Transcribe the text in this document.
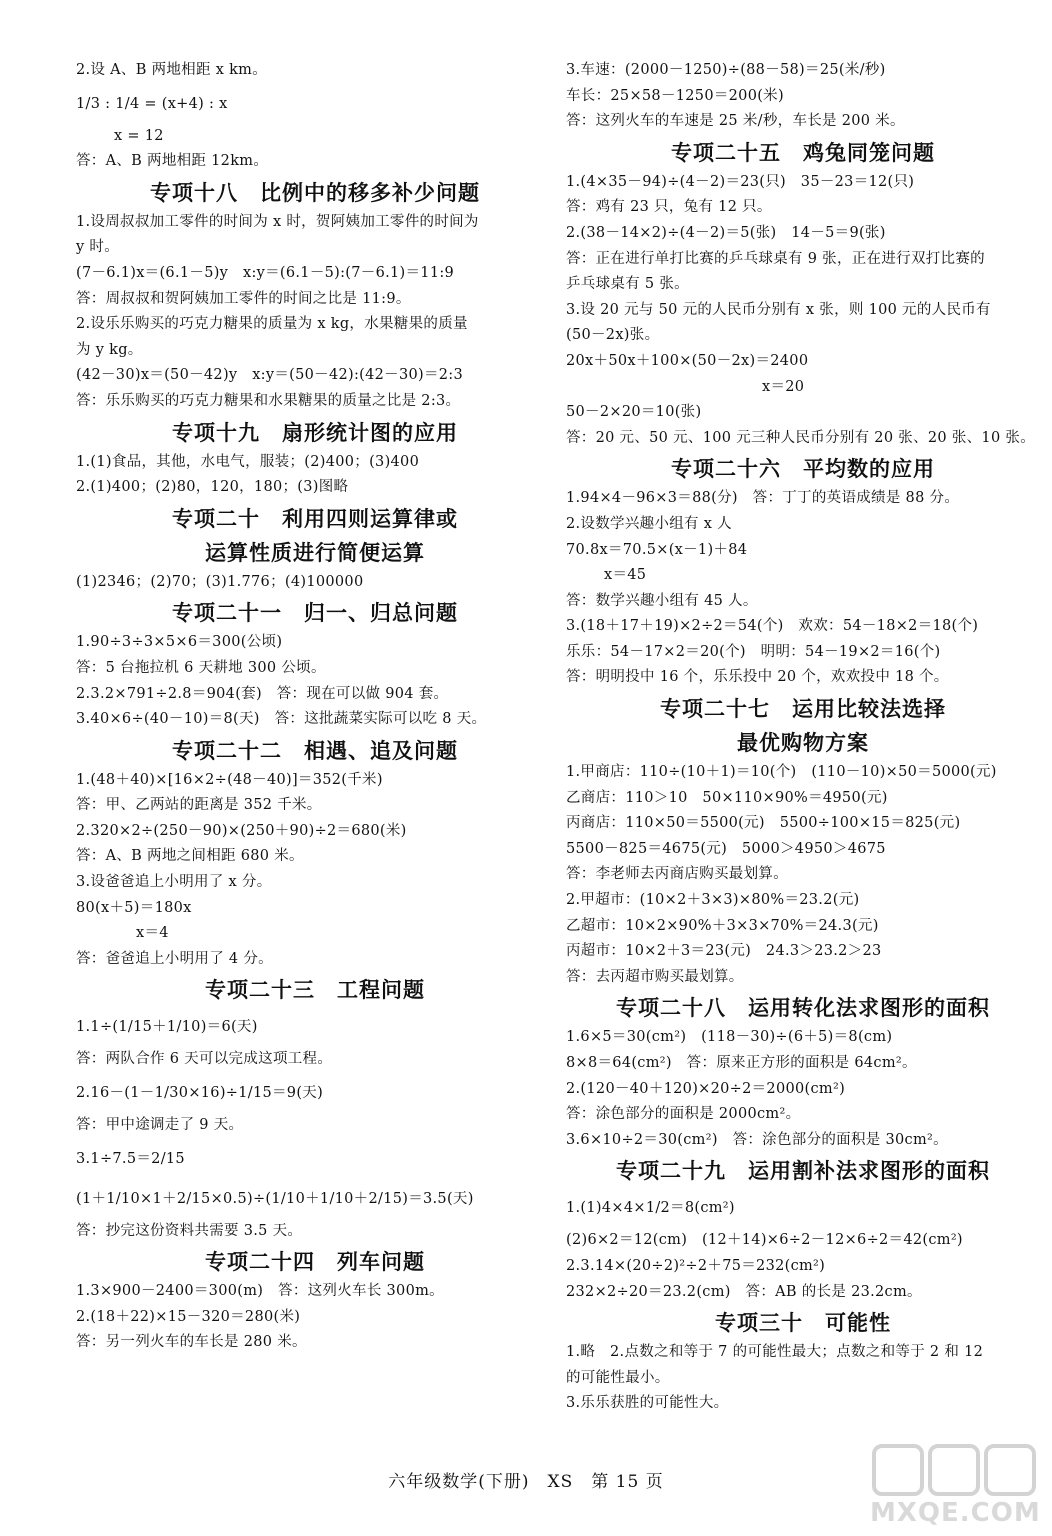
2.设 A、B 两地相距 x km。
1/3 : 1/4 = (x+4) : x
x = 12
答：A、B 两地相距 12km。
专项十八　比例中的移多补少问题
1.设周叔叔加工零件的时间为 x 时，贺阿姨加工零件的时间为
y 时。
(7－6.1)x＝(6.1－5)y　x:y＝(6.1－5):(7－6.1)＝11:9
答：周叔叔和贺阿姨加工零件的时间之比是 11:9。
2.设乐乐购买的巧克力糖果的质量为 x kg，水果糖果的质量
为 y kg。
(42－30)x＝(50－42)y　x:y＝(50－42):(42－30)＝2:3
答：乐乐购买的巧克力糖果和水果糖果的质量之比是 2:3。
专项十九　扇形统计图的应用
1.(1)食品，其他，水电气，服装；(2)400；(3)400
2.(1)400；(2)80，120，180；(3)图略
专项二十　利用四则运算律或
运算性质进行简便运算
(1)2346；(2)70；(3)1.776；(4)100000
专项二十一　归一、归总问题
1.90÷3÷3×5×6＝300(公顷)
答：5 台拖拉机 6 天耕地 300 公顷。
2.3.2×791÷2.8＝904(套)　答：现在可以做 904 套。
3.40×6÷(40－10)＝8(天)　答：这批蔬菜实际可以吃 8 天。
专项二十二　相遇、追及问题
1.(48＋40)×[16×2÷(48－40)]＝352(千米)
答：甲、乙两站的距离是 352 千米。
2.320×2÷(250－90)×(250＋90)÷2＝680(米)
答：A、B 两地之间相距 680 米。
3.设爸爸追上小明用了 x 分。
80(x＋5)＝180x
x＝4
答：爸爸追上小明用了 4 分。
专项二十三　工程问题
1.1÷(1/15＋1/10)＝6(天)
答：两队合作 6 天可以完成这项工程。
2.16－(1－1/30×16)÷1/15＝9(天)
答：甲中途调走了 9 天。
3.1÷7.5＝2/15
(1＋1/10×1＋2/15×0.5)÷(1/10＋1/10＋2/15)＝3.5(天)
答：抄完这份资料共需要 3.5 天。
专项二十四　列车问题
1.3×900－2400＝300(m)　答：这列火车长 300m。
2.(18＋22)×15－320＝280(米)
答：另一列火车的车长是 280 米。
3.车速：(2000－1250)÷(88－58)＝25(米/秒)
车长：25×58－1250＝200(米)
答：这列火车的车速是 25 米/秒，车长是 200 米。
专项二十五　鸡兔同笼问题
1.(4×35－94)÷(4－2)＝23(只)　35－23＝12(只)
答：鸡有 23 只，兔有 12 只。
2.(38－14×2)÷(4－2)＝5(张)　14－5＝9(张)
答：正在进行单打比赛的乒乓球桌有 9 张，正在进行双打比赛的
乒乓球桌有 5 张。
3.设 20 元与 50 元的人民币分别有 x 张，则 100 元的人民币有
(50－2x)张。
20x＋50x＋100×(50－2x)＝2400
x＝20
50－2×20＝10(张)
答：20 元、50 元、100 元三种人民币分别有 20 张、20 张、10 张。
专项二十六　平均数的应用
1.94×4－96×3＝88(分)　答：丁丁的英语成绩是 88 分。
2.设数学兴趣小组有 x 人
70.8x＝70.5×(x－1)＋84
x＝45
答：数学兴趣小组有 45 人。
3.(18＋17＋19)×2÷2＝54(个)　欢欢：54－18×2＝18(个)
乐乐：54－17×2＝20(个)　明明：54－19×2＝16(个)
答：明明投中 16 个，乐乐投中 20 个，欢欢投中 18 个。
专项二十七　运用比较法选择
最优购物方案
1.甲商店：110÷(10＋1)＝10(个)　(110－10)×50＝5000(元)
乙商店：110＞10　50×110×90%＝4950(元)
丙商店：110×50＝5500(元)　5500÷100×15＝825(元)
5500－825＝4675(元)　5000＞4950＞4675
答：李老师去丙商店购买最划算。
2.甲超市：(10×2＋3×3)×80%＝23.2(元)
乙超市：10×2×90%＋3×3×70%＝24.3(元)
丙超市：10×2＋3＝23(元)　24.3＞23.2＞23
答：去丙超市购买最划算。
专项二十八　运用转化法求图形的面积
1.6×5＝30(cm²)　(118－30)÷(6＋5)＝8(cm)
8×8＝64(cm²)　答：原来正方形的面积是 64cm²。
2.(120－40＋120)×20÷2＝2000(cm²)
答：涂色部分的面积是 2000cm²。
3.6×10÷2＝30(cm²)　答：涂色部分的面积是 30cm²。
专项二十九　运用割补法求图形的面积
1.(1)4×4×1/2＝8(cm²)
(2)6×2＝12(cm)　(12＋14)×6÷2－12×6÷2＝42(cm²)
2.3.14×(20÷2)²÷2＋75＝232(cm²)
232×2÷20＝23.2(cm)　答：AB 的长是 23.2cm。
专项三十　可能性
1.略　2.点数之和等于 7 的可能性最大；点数之和等于 2 和 12
的可能性最小。
3.乐乐获胜的可能性大。
六年级数学(下册)　XS　第 15 页
MXQE.COM
